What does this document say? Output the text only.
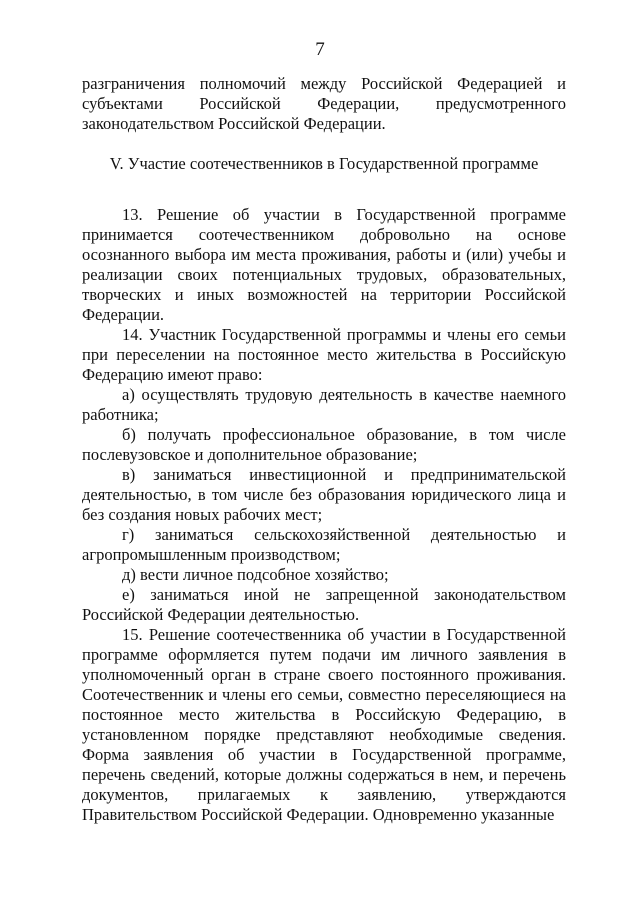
7

разграничения полномочий между Российской Федерацией и субъектами Российской Федерации, предусмотренного законодательством Российской Федерации.

V. Участие соотечественников в Государственной программе

13. Решение об участии в Государственной программе принимается соотечественником добровольно на основе осознанного выбора им места проживания, работы и (или) учебы и реализации своих потенциальных трудовых, образовательных, творческих и иных возможностей на территории Российской Федерации.

14. Участник Государственной программы и члены его семьи при переселении на постоянное место жительства в Российскую Федерацию имеют право:

а) осуществлять трудовую деятельность в качестве наемного работника;

б) получать профессиональное образование, в том числе послевузовское и дополнительное образование;

в) заниматься инвестиционной и предпринимательской деятельностью, в том числе без образования юридического лица и без создания новых рабочих мест;

г) заниматься сельскохозяйственной деятельностью и агропромышленным производством;

д) вести личное подсобное хозяйство;

е) заниматься иной не запрещенной законодательством Российской Федерации деятельностью.

15. Решение соотечественника об участии в Государственной программе оформляется путем подачи им личного заявления в уполномоченный орган в стране своего постоянного проживания. Соотечественник и члены его семьи, совместно переселяющиеся на постоянное место жительства в Российскую Федерацию, в установленном порядке представляют необходимые сведения. Форма заявления об участии в Государственной программе, перечень сведений, которые должны содержаться в нем, и перечень документов, прилагаемых к заявлению, утверждаются Правительством Российской Федерации. Одновременно указанные
